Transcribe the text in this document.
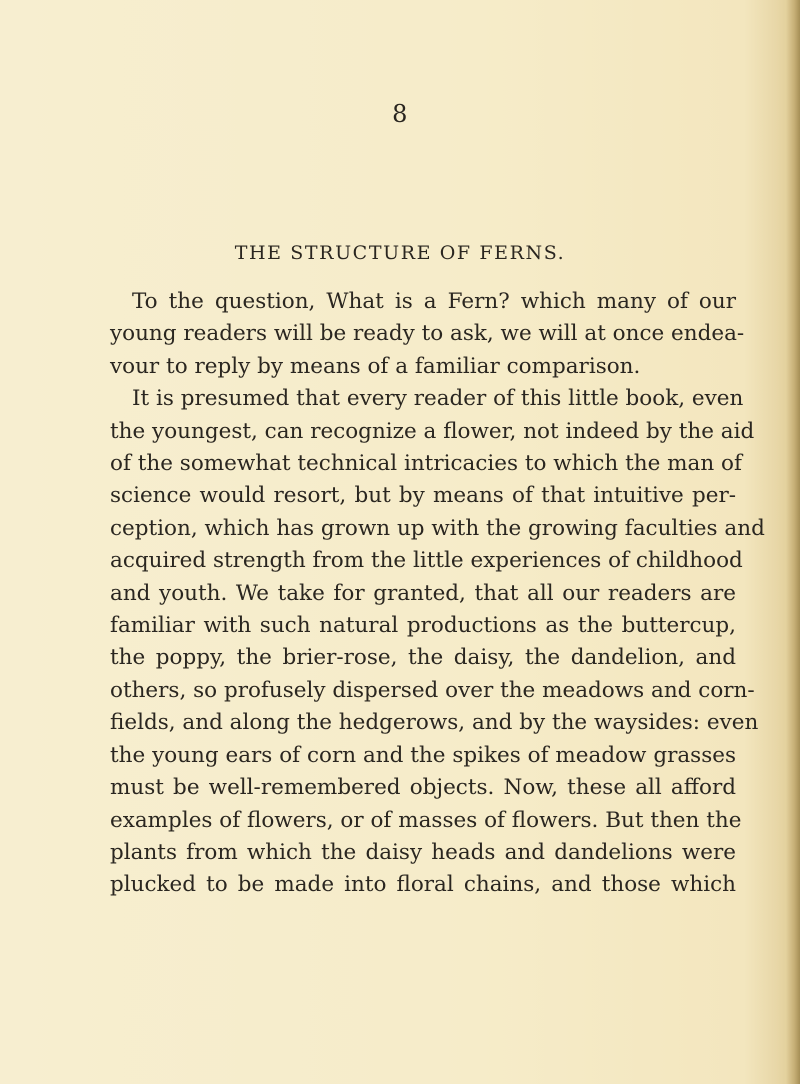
8
THE STRUCTURE OF FERNS.
To the question, What is a Fern? which many of our
young readers will be ready to ask, we will at once endea-
vour to reply by means of a familiar comparison.
It is presumed that every reader of this little book, even
the youngest, can recognize a flower, not indeed by the aid
of the somewhat technical intricacies to which the man of
science would resort, but by means of that intuitive per-
ception, which has grown up with the growing faculties and
acquired strength from the little experiences of childhood
and youth. We take for granted, that all our readers are
familiar with such natural productions as the buttercup,
the poppy, the brier-rose, the daisy, the dandelion, and
others, so profusely dispersed over the meadows and corn-
fields, and along the hedgerows, and by the waysides: even
the young ears of corn and the spikes of meadow grasses
must be well-remembered objects. Now, these all afford
examples of flowers, or of masses of flowers. But then the
plants from which the daisy heads and dandelions were
plucked to be made into floral chains, and those which
